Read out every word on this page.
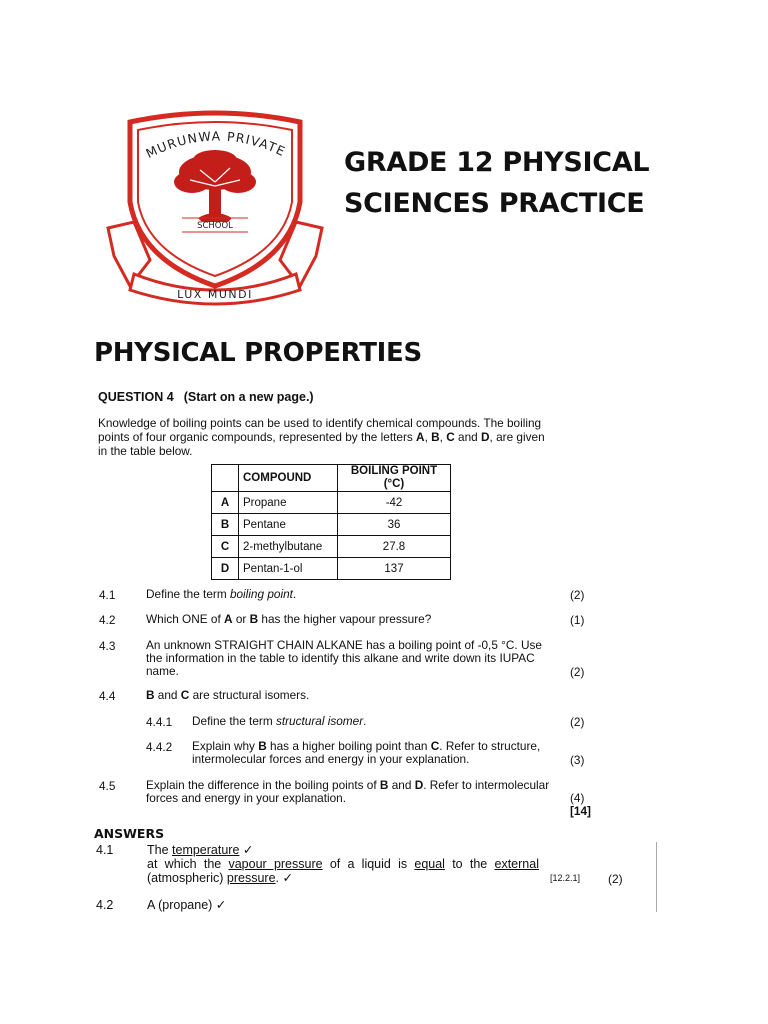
MURUNWA PRIVATE
SCHOOL
LUX MUNDI
GRADE 12 PHYSICAL
SCIENCES PRACTICE
PHYSICAL PROPERTIES
QUESTION 4 (Start on a new page.)
Knowledge of boiling points can be used to identify chemical compounds. The boiling points of four organic compounds, represented by the letters A, B, C and D, are given in the table below.
	COMPOUND	BOILING POINT
(°C)
A	Propane	-42
B	Pentane	36
C	2-methylbutane	27.8
D	Pentan-1-ol	137
4.1	Define the term boiling point.	(2)
4.2	Which ONE of A or B has the higher vapour pressure?	(1)
4.3	An unknown STRAIGHT CHAIN ALKANE has a boiling point of -0,5 °C. Use the information in the table to identify this alkane and write down its IUPAC name.	(2)
4.4	B and C are structural isomers.
4.4.1 Define the term structural isomer.	(2)
4.4.2 Explain why B has a higher boiling point than C. Refer to structure, intermolecular forces and energy in your explanation.	(3)
4.5	Explain the difference in the boiling points of B and D. Refer to intermolecular forces and energy in your explanation.	(4)
[14]
ANSWERS
4.1	The temperature ✓
at which the vapour pressure of a liquid is equal to the external
(atmospheric) pressure. ✓	[12.2.1] (2)
4.2	A (propane) ✓
